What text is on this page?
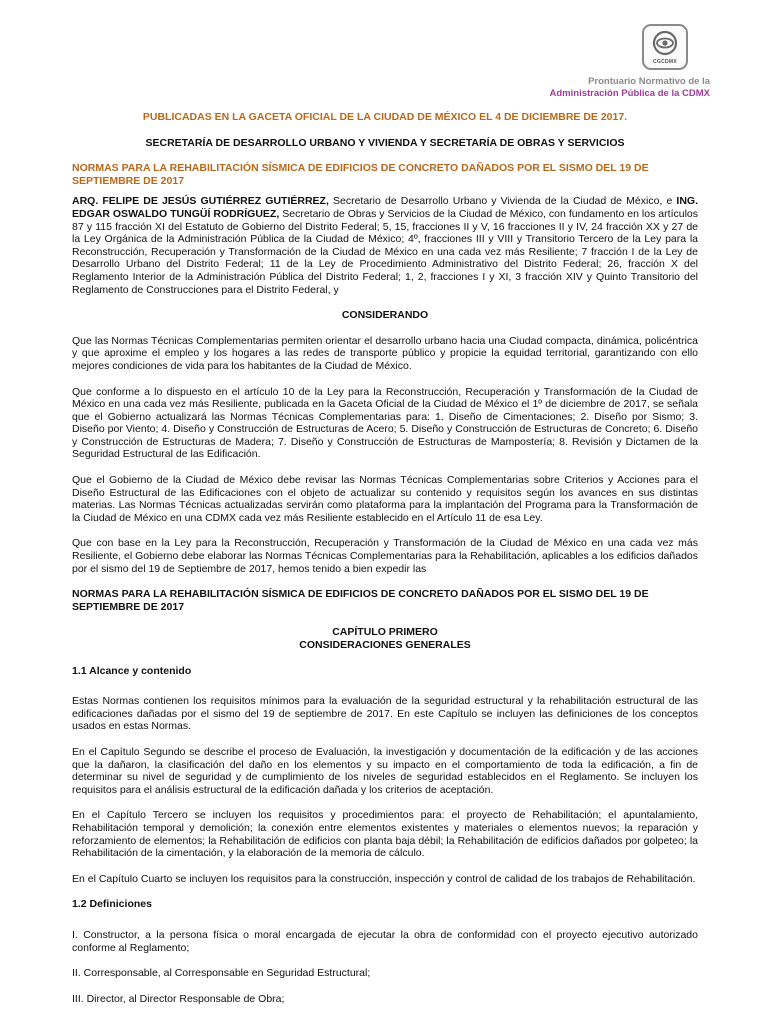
CGCDMX
Prontuario Normativo de la
Administración Pública de la CDMX

PUBLICADAS EN LA GACETA OFICIAL DE LA CIUDAD DE MÉXICO EL 4 DE DICIEMBRE DE 2017.

SECRETARÍA DE DESARROLLO URBANO Y VIVIENDA Y SECRETARÍA DE OBRAS Y SERVICIOS

NORMAS PARA LA REHABILITACIÓN SÍSMICA DE EDIFICIOS DE CONCRETO DAÑADOS POR EL SISMO DEL 19 DE SEPTIEMBRE DE 2017

ARQ. FELIPE DE JESÚS GUTIÉRREZ GUTIÉRREZ, Secretario de Desarrollo Urbano y Vivienda de la Ciudad de México, e ING. EDGAR OSWALDO TUNGÜÍ RODRÍGUEZ, Secretario de Obras y Servicios de la Ciudad de México, con fundamento en los artículos 87 y 115 fracción XI del Estatuto de Gobierno del Distrito Federal; 5, 15, fracciones II y V, 16 fracciones II y IV, 24 fracción XX y 27 de la Ley Orgánica de la Administración Pública de la Ciudad de México; 4º, fracciones III y VIII y Transitorio Tercero de la Ley para la Reconstrucción, Recuperación y Transformación de la Ciudad de México en una cada vez más Resiliente; 7 fracción I de la Ley de Desarrollo Urbano del Distrito Federal; 11 de la Ley de Procedimiento Administrativo del Distrito Federal; 26, fracción X del Reglamento Interior de la Administración Pública del Distrito Federal; 1, 2, fracciones I y XI, 3 fracción XIV y Quinto Transitorio del Reglamento de Construcciones para el Distrito Federal, y

CONSIDERANDO

Que las Normas Técnicas Complementarias permiten orientar el desarrollo urbano hacia una Ciudad compacta, dinámica, policéntrica y que aproxime el empleo y los hogares a las redes de transporte público y propicie la equidad territorial, garantizando con ello mejores condiciones de vida para los habitantes de la Ciudad de México.

Que conforme a lo dispuesto en el artículo 10 de la Ley para la Reconstrucción, Recuperación y Transformación de la Ciudad de México en una cada vez más Resiliente, publicada en la Gaceta Oficial de la Ciudad de México el 1º de diciembre de 2017, se señala que el Gobierno actualizará las Normas Técnicas Complementarias para: 1. Diseño de Cimentaciones; 2. Diseño por Sismo; 3. Diseño por Viento; 4. Diseño y Construcción de Estructuras de Acero; 5. Diseño y Construcción de Estructuras de Concreto; 6. Diseño y Construcción de Estructuras de Madera; 7. Diseño y Construcción de Estructuras de Mampostería; 8. Revisión y Dictamen de la Seguridad Estructural de las Edificación.

Que el Gobierno de la Ciudad de México debe revisar las Normas Técnicas Complementarias sobre Criterios y Acciones para el Diseño Estructural de las Edificaciones con el objeto de actualizar su contenido y requisitos según los avances en sus distintas materias. Las Normas Técnicas actualizadas servirán como plataforma para la implantación del Programa para la Transformación de la Ciudad de México en una CDMX cada vez más Resiliente establecido en el Artículo 11 de esa Ley.

Que con base en la Ley para la Reconstrucción, Recuperación y Transformación de la Ciudad de México en una cada vez más Resiliente, el Gobierno debe elaborar las Normas Técnicas Complementarias para la Rehabilitación, aplicables a los edificios dañados por el sismo del 19 de Septiembre de 2017, hemos tenido a bien expedir las

NORMAS PARA LA REHABILITACIÓN SÍSMICA DE EDIFICIOS DE CONCRETO DAÑADOS POR EL SISMO DEL 19 DE SEPTIEMBRE DE 2017

CAPÍTULO PRIMERO

CONSIDERACIONES GENERALES

1.1 Alcance y contenido

Estas Normas contienen los requisitos mínimos para la evaluación de la seguridad estructural y la rehabilitación estructural de las edificaciones dañadas por el sismo del 19 de septiembre de 2017. En este Capítulo se incluyen las definiciones de los conceptos usados en estas Normas.

En el Capítulo Segundo se describe el proceso de Evaluación, la investigación y documentación de la edificación y de las acciones que la dañaron, la clasificación del daño en los elementos y su impacto en el comportamiento de toda la edificación, a fin de determinar su nivel de seguridad y de cumplimiento de los niveles de seguridad establecidos en el Reglamento. Se incluyen los requisitos para el análisis estructural de la edificación dañada y los criterios de aceptación.

En el Capítulo Tercero se incluyen los requisitos y procedimientos para: el proyecto de Rehabilitación; el apuntalamiento, Rehabilitación temporal y demolición; la conexión entre elementos existentes y materiales o elementos nuevos; la reparación y reforzamiento de elementos; la Rehabilitación de edificios con planta baja débil; la Rehabilitación de edificios dañados por golpeteo; la Rehabilitación de la cimentación, y la elaboración de la memoria de cálculo.

En el Capítulo Cuarto se incluyen los requisitos para la construcción, inspección y control de calidad de los trabajos de Rehabilitación.

1.2 Definiciones

I. Constructor, a la persona física o moral encargada de ejecutar la obra de conformidad con el proyecto ejecutivo autorizado conforme al Reglamento;

II. Corresponsable, al Corresponsable en Seguridad Estructural;

III. Director, al Director Responsable de Obra;
